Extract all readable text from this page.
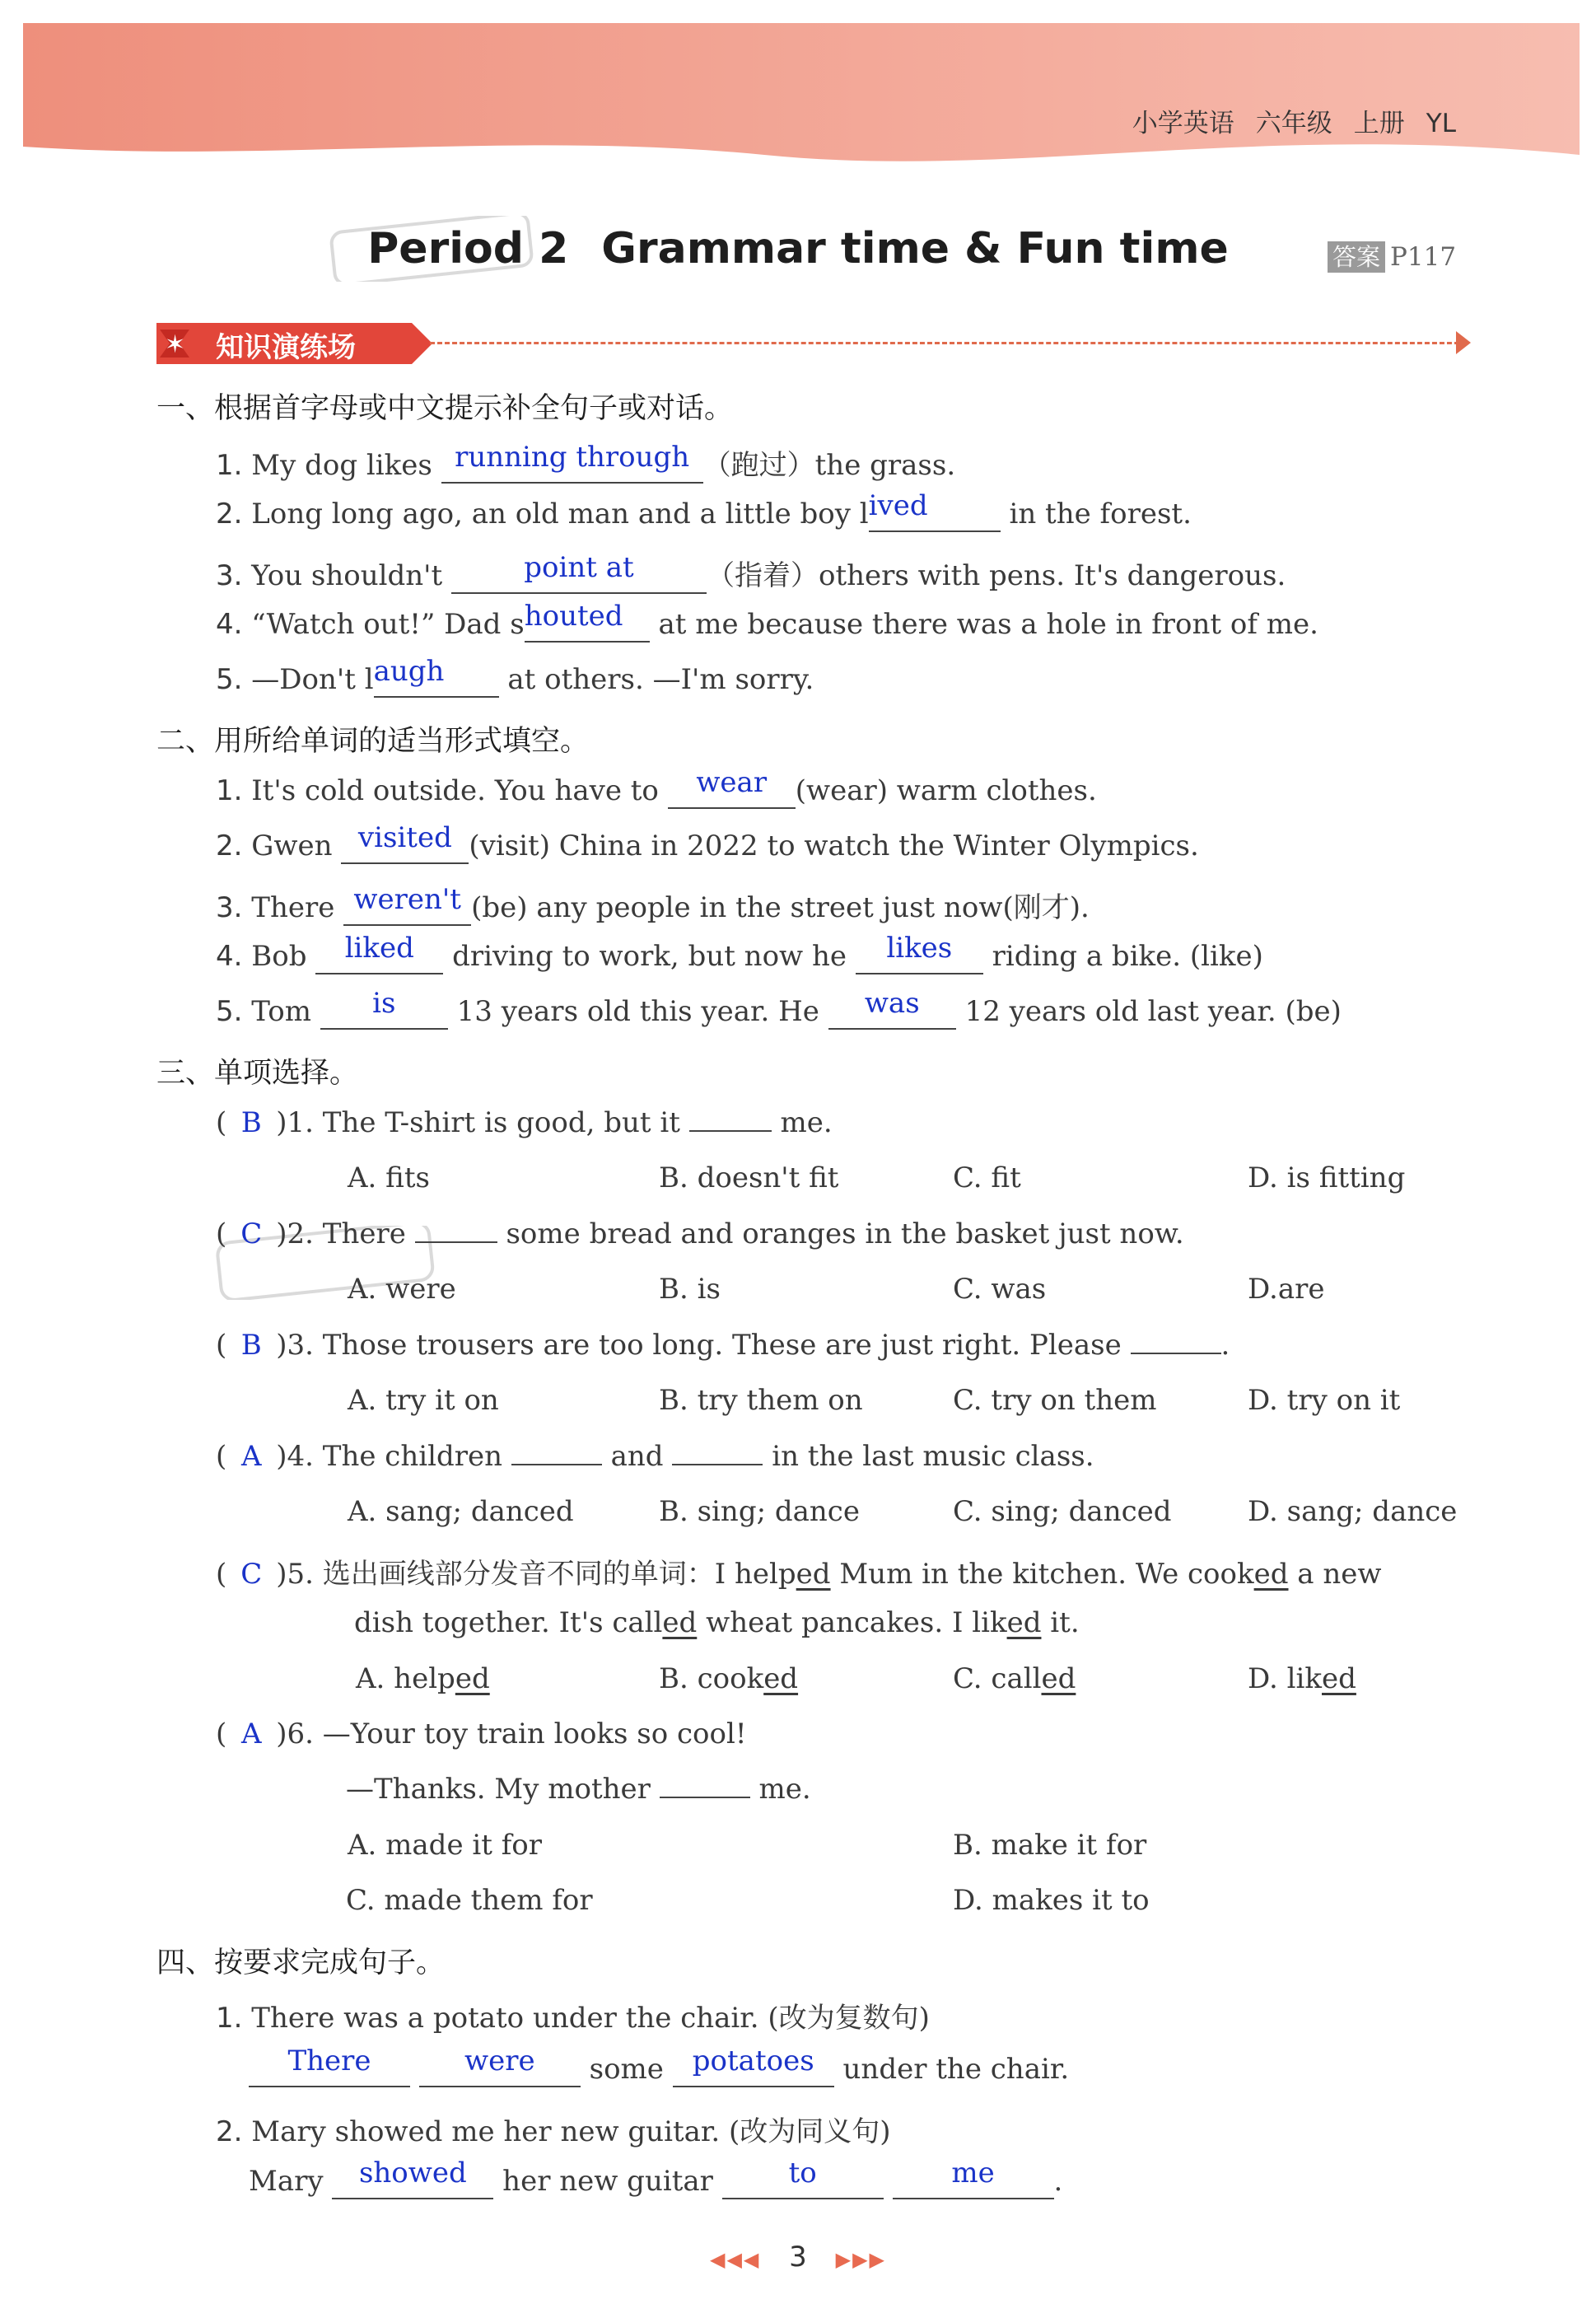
小学英语 六年级 上册 YL
Period 2 Grammar time & Fun time	答案 P117
✶ 知识演练场
一、根据首字母或中文提示补全句子或对话。
1. My dog likes running through （跑过）the grass.
2. Long long ago, an old man and a little boy lived	in the forest.
3. You shouldn't	point at	（指着）others with pens. It's dangerous.
4. “Watch out!” Dad shouted at me because there was a hole in front of me.
5. —Don't laugh at others. —I'm sorry.
二、用所给单词的适当形式填空。
1. It's cold outside. You have to wear (wear) warm clothes.
2. Gwen visited (visit) China in 2022 to watch the Winter Olympics.
3. There weren't (be) any people in the street just now(刚才).
4. Bob liked driving to work, but now he likes riding a bike. (like)
5. Tom is 13 years old this year. He was 12 years old last year. (be)
三、单项选择。
( B )1. The T-shirt is good, but it	me.
A. fits	B. doesn't fit	C. fit	D. is fitting
( C )2. There	some bread and oranges in the basket just now.
A. were	B. is	C. was	D.are
( B )3. Those trousers are too long. These are just right. Please	.
A. try it on	B. try them on	C. try on them	D. try on it
( A )4. The children	and	in the last music class.
A. sang; danced	B. sing; dance	C. sing; danced	D. sang; dance
( C )5. 选出画线部分发音不同的单词：I helped Mum in the kitchen. We cooked a new
dish together. It's called wheat pancakes. I liked it.
A. helped	B. cooked	C. called	D. liked
( A )6. —Your toy train looks so cool!
—Thanks. My mother	me.
A. made it for	B. make it for
C. made them for	D. makes it to
四、按要求完成句子。
1. There was a potato under the chair. (改为复数句)
There	were some potatoes under the chair.
2. Mary showed me her new guitar. (改为同义句)
Mary showed her new guitar	to	me .
◀◀◀ 3 ▶▶▶
